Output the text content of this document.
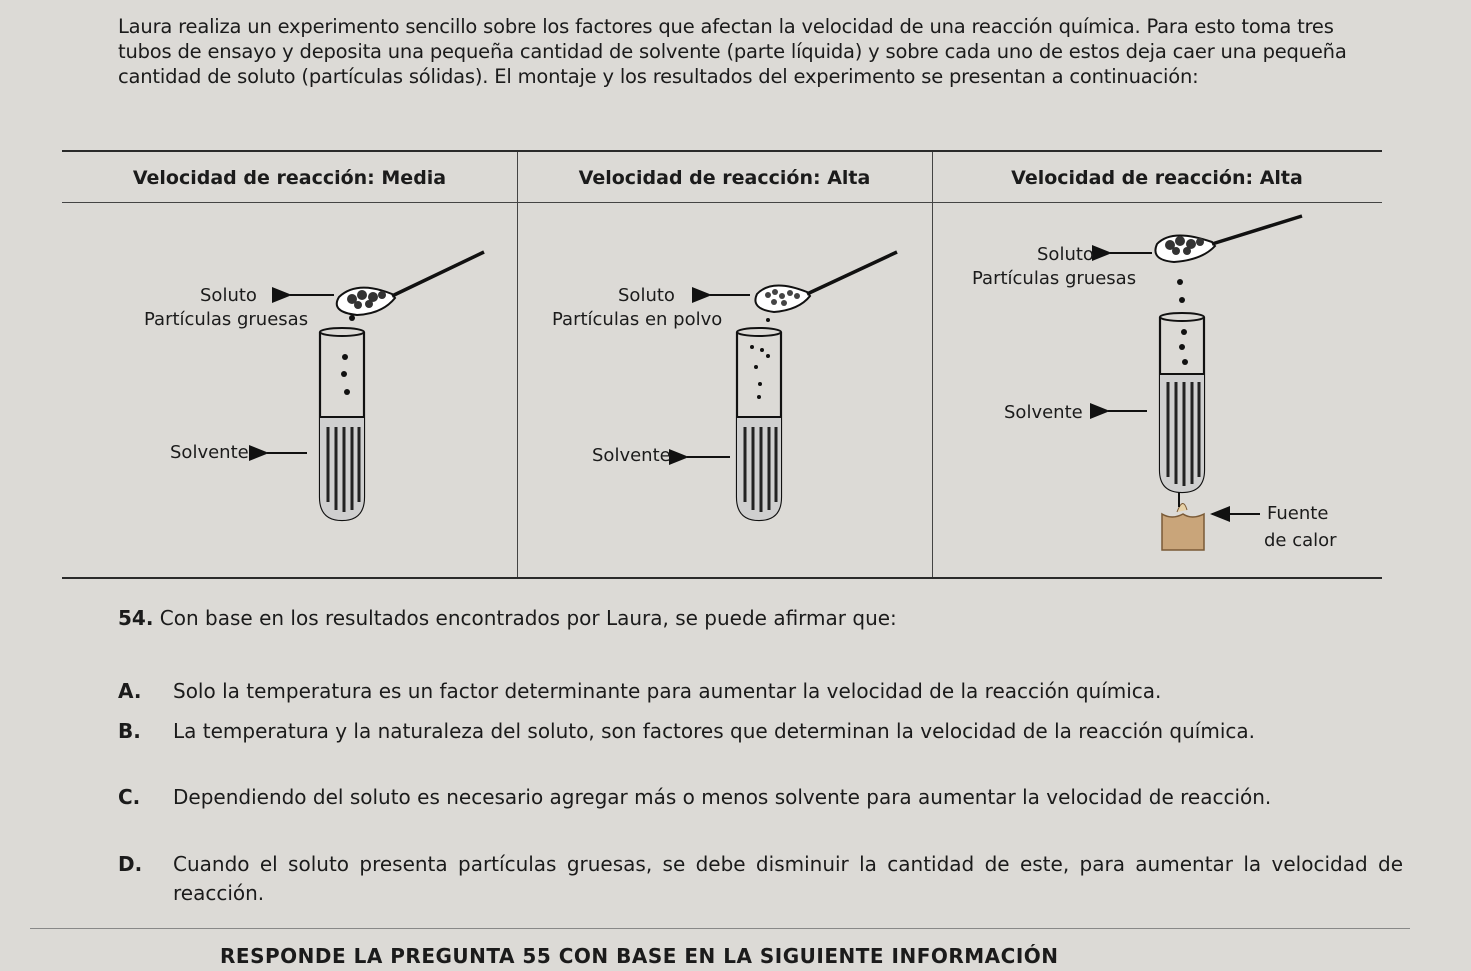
Laura realiza un experimento sencillo sobre los factores que afectan la velocidad de una reacción química. Para esto toma tres tubos de ensayo y deposita una pequeña cantidad de solvente (parte líquida) y sobre cada uno de estos deja caer una pequeña cantidad de soluto (partículas sólidas). El montaje y los resultados del experimento se presentan a continuación:
Velocidad de reacción: Media	Velocidad de reacción: Alta	Velocidad de reacción: Alta
Soluto
Partículas gruesas
Solvente
Soluto
Partículas en polvo
Solvente
Soluto
Partículas gruesas
Solvente
Fuente
de calor
54. Con base en los resultados encontrados por Laura, se puede afirmar que:
A. Solo la temperatura es un factor determinante para aumentar la velocidad de la reacción química.
B.	La temperatura y la naturaleza del soluto, son factores que determinan la velocidad de la reacción química.
C.	Dependiendo del soluto es necesario agregar más o menos solvente para aumentar la velocidad de reacción.
D.	Cuando el soluto presenta partículas gruesas, se debe disminuir la cantidad de este, para aumentar la velocidad de reacción.
RESPONDE LA PREGUNTA 55 CON BASE EN LA SIGUIENTE INFORMACIÓN
